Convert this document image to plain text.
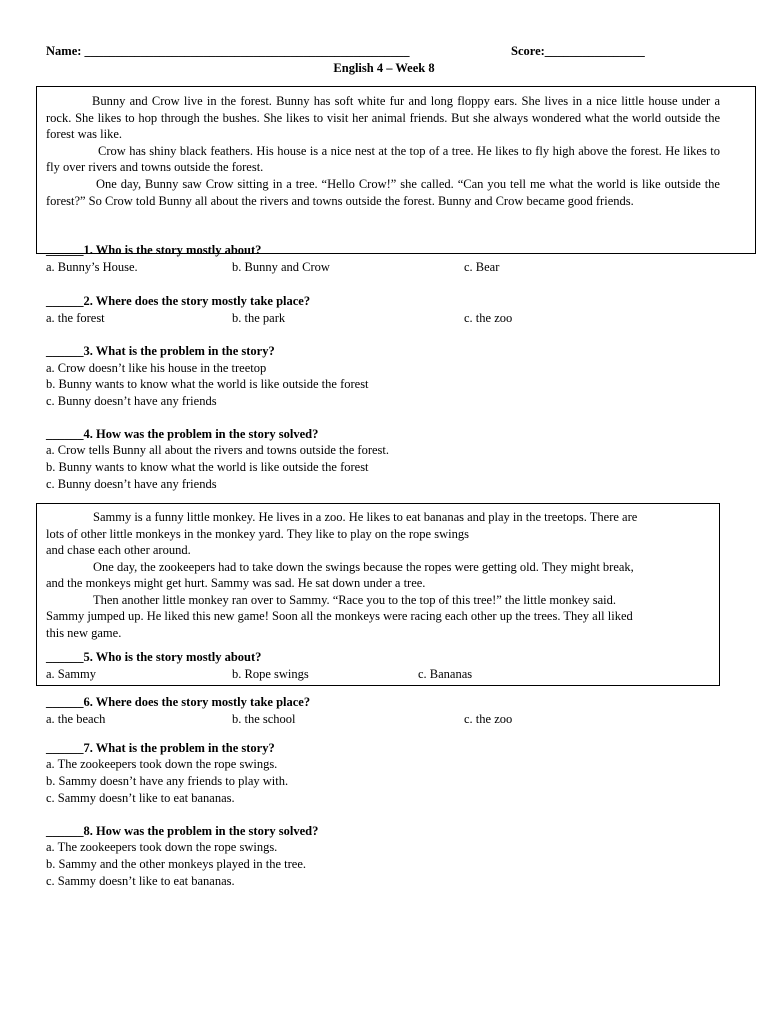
Name: ____________________________________________________	Score:________________
English 4 – Week 8

Bunny and Crow live in the forest. Bunny has soft white fur and long floppy ears. She lives in a nice little house under a rock. She likes to hop through the bushes. She likes to visit her animal friends. But she always wondered what the world outside the forest was like.

Crow has shiny black feathers. His house is a nice nest at the top of a tree. He likes to fly high above the forest. He likes to fly over rivers and towns outside the forest.

One day, Bunny saw Crow sitting in a tree. “Hello Crow!” she called. “Can you tell me what the world is like outside the forest?” So Crow told Bunny all about the rivers and towns outside the forest. Bunny and Crow became good friends.

______1. Who is the story mostly about?
a. Bunny’s House.	b. Bunny and Crow	c. Bear
______2. Where does the story mostly take place?
a. the forest	b. the park	c. the zoo
______3. What is the problem in the story?
a. Crow doesn’t like his house in the treetop
b. Bunny wants to know what the world is like outside the forest
c. Bunny doesn’t have any friends
______4. How was the problem in the story solved?
a. Crow tells Bunny all about the rivers and towns outside the forest.
b. Bunny wants to know what the world is like outside the forest
c. Bunny doesn’t have any friends
Sammy is a funny little monkey. He lives in a zoo. He likes to eat bananas and play in the treetops. There are
lots of other little monkeys in the monkey yard. They like to play on the rope swings
and chase each other around.
One day, the zookeepers had to take down the swings because the ropes were getting old. They might break,
and the monkeys might get hurt. Sammy was sad. He sat down under a tree.
Then another little monkey ran over to Sammy. “Race you to the top of this tree!” the little monkey said.
Sammy jumped up. He liked this new game! Soon all the monkeys were racing each other up the trees. They all liked
this new game.
______5. Who is the story mostly about?
a. Sammy	b. Rope swings	c. Bananas
______6. Where does the story mostly take place?
a. the beach	b. the school	c. the zoo
______7. What is the problem in the story?
a. The zookeepers took down the rope swings.
b. Sammy doesn’t have any friends to play with.
c. Sammy doesn’t like to eat bananas.
______8. How was the problem in the story solved?
a. The zookeepers took down the rope swings.
b. Sammy and the other monkeys played in the tree.
c. Sammy doesn’t like to eat bananas.
